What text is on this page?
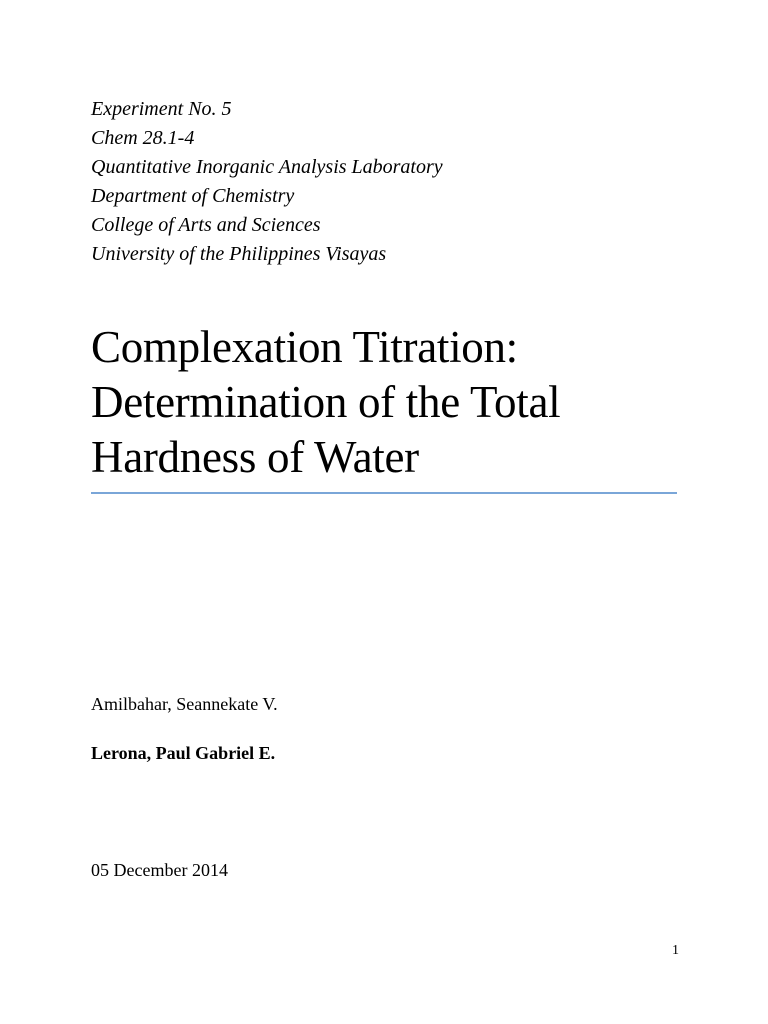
Experiment No. 5
Chem 28.1-4
Quantitative Inorganic Analysis Laboratory
Department of Chemistry
College of Arts and Sciences
University of the Philippines Visayas
Complexation Titration:
Determination of the Total
Hardness of Water
Amilbahar, Seannekate V.
Lerona, Paul Gabriel E.
05 December 2014
1
